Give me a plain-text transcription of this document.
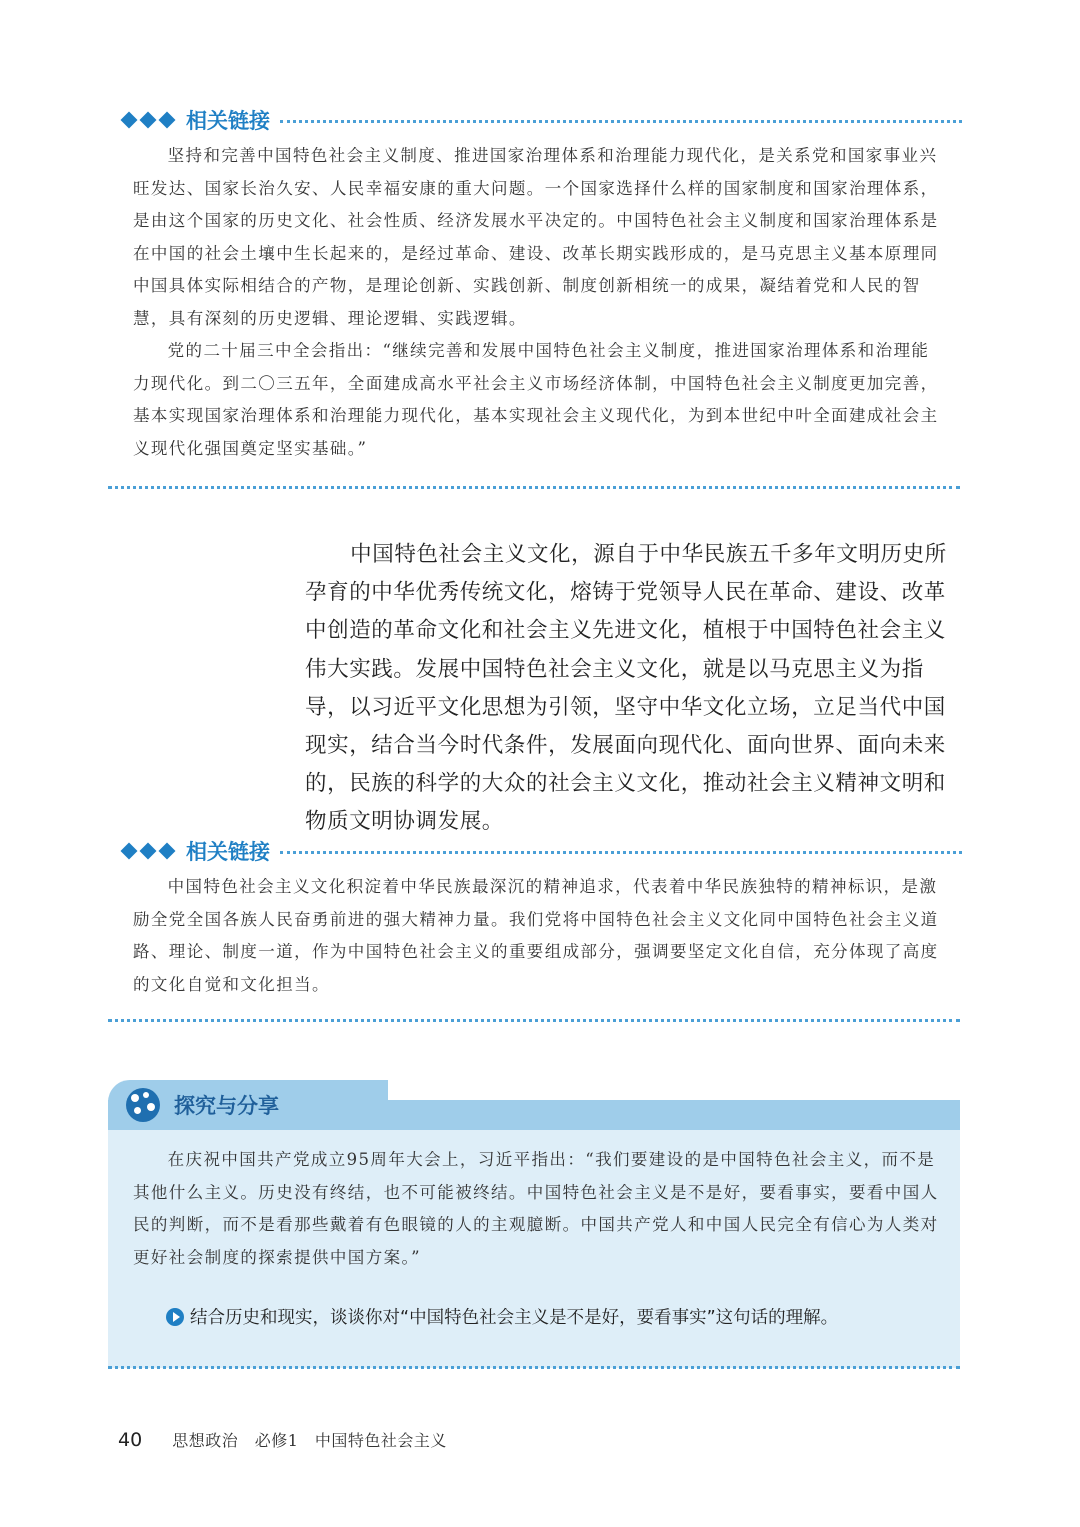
相关链接

坚持和完善中国特色社会主义制度、推进国家治理体系和治理能力现代化，是关系党和国家事业兴旺发达、国家长治久安、人民幸福安康的重大问题。一个国家选择什么样的国家制度和国家治理体系，是由这个国家的历史文化、社会性质、经济发展水平决定的。中国特色社会主义制度和国家治理体系是在中国的社会土壤中生长起来的，是经过革命、建设、改革长期实践形成的，是马克思主义基本原理同中国具体实际相结合的产物，是理论创新、实践创新、制度创新相统一的成果，凝结着党和人民的智慧，具有深刻的历史逻辑、理论逻辑、实践逻辑。

党的二十届三中全会指出：“继续完善和发展中国特色社会主义制度，推进国家治理体系和治理能力现代化。到二〇三五年，全面建成高水平社会主义市场经济体制，中国特色社会主义制度更加完善，基本实现国家治理体系和治理能力现代化，基本实现社会主义现代化，为到本世纪中叶全面建成社会主义现代化强国奠定坚实基础。”

中国特色社会主义文化，源自于中华民族五千多年文明历史所孕育的中华优秀传统文化，熔铸于党领导人民在革命、建设、改革中创造的革命文化和社会主义先进文化，植根于中国特色社会主义伟大实践。发展中国特色社会主义文化，就是以马克思主义为指导，以习近平文化思想为引领，坚守中华文化立场，立足当代中国现实，结合当今时代条件，发展面向现代化、面向世界、面向未来的，民族的科学的大众的社会主义文化，推动社会主义精神文明和物质文明协调发展。

相关链接

中国特色社会主义文化积淀着中华民族最深沉的精神追求，代表着中华民族独特的精神标识，是激励全党全国各族人民奋勇前进的强大精神力量。我们党将中国特色社会主义文化同中国特色社会主义道路、理论、制度一道，作为中国特色社会主义的重要组成部分，强调要坚定文化自信，充分体现了高度的文化自觉和文化担当。

探究与分享

在庆祝中国共产党成立95周年大会上，习近平指出：“我们要建设的是中国特色社会主义，而不是其他什么主义。历史没有终结，也不可能被终结。中国特色社会主义是不是好，要看事实，要看中国人民的判断，而不是看那些戴着有色眼镜的人的主观臆断。中国共产党人和中国人民完全有信心为人类对更好社会制度的探索提供中国方案。”

结合历史和现实，谈谈你对“中国特色社会主义是不是好，要看事实”这句话的理解。
40 思想政治　必修1　中国特色社会主义
